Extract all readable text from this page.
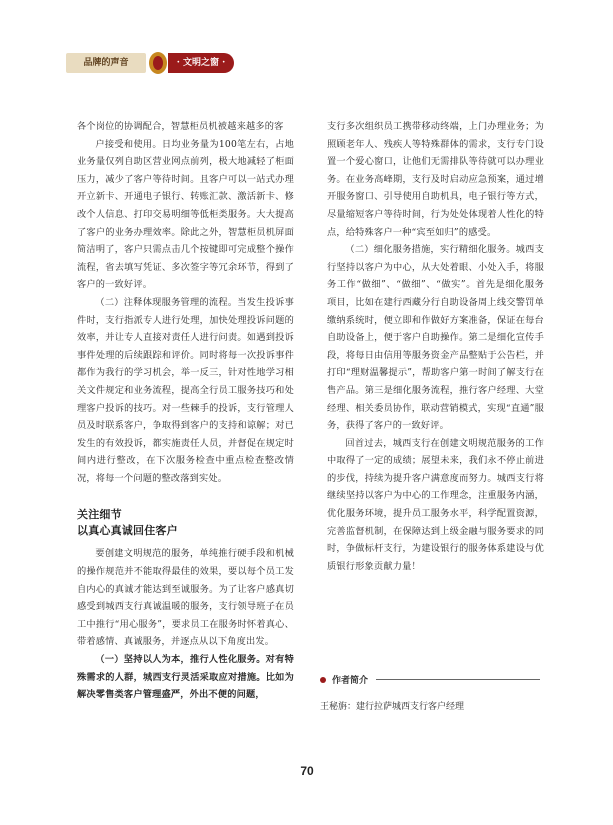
品牌的声音	· 文明之窗 ·

各个岗位的协调配合，智慧柜员机被越来越多的客

户接受和使用。日均业务量为100笔左右，占地业务量仅列自助区营业网点前列，极大地减轻了柜面压力，减少了客户等待时间。且客户可以一站式办理开立新卡、开通电子银行、转账汇款、激活新卡、修改个人信息、打印交易明细等低柜类服务。大大提高了客户的业务办理效率。除此之外，智慧柜员机屏面简洁明了，客户只需点击几个按键即可完成整个操作流程，省去填写凭证、多次签字等冗余环节，得到了客户的一致好评。

（二）注释体现服务管理的流程。当发生投诉事件时，支行指派专人进行处理，加快处理投诉问题的效率，并让专人直接对责任人进行问责。如遇到投诉事件处理的后续跟踪和评价。同时将每一次投诉事件都作为我行的学习机会，举一反三，针对性地学习相关文件规定和业务流程，提高全行员工服务技巧和处理客户投诉的技巧。对一些棘手的投诉，支行管理人员及时联系客户，争取得到客户的支持和谅解；对已发生的有效投诉，都实施责任人员，并督促在规定时间内进行整改，在下次服务检查中重点检查整改情况，将每一个问题的整改落到实处。

关注细节
以真心真诚回住客户

要创建文明规范的服务，单纯推行硬手段和机械的操作规范并不能取得最佳的效果，要以每个员工发自内心的真诚才能达到至诚服务。为了让客户感真切感受到城西支行真诚温暖的服务，支行领导班子在员工中推行“用心服务”，要求员工在服务时怀着真心、带着感情、真诚服务，并逐点从以下角度出发。

（一）坚持以人为本，推行人性化服务。对有特殊需求的人群，城西支行灵活采取应对措施。比如为解决零售类客户管理盛严，外出不便的问题，

支行多次组织员工携带移动终端，上门办理业务；为照顾老年人、残疾人等特殊群体的需求，支行专门设置一个爱心窗口，让他们无需排队等待就可以办理业务。在业务高峰期，支行及时启动应急预案，通过增开服务窗口、引导使用自助机具，电子银行等方式，尽量缩短客户等待时间，行为处处体现着人性化的特点，给特殊客户一种“宾至如归”的感受。

（二）细化服务措施，实行精细化服务。城西支行坚持以客户为中心，从大处着眼、小处入手，将服务工作“做细”、“做细”、“做实”。首先是细化服务项目，比如在建行西藏分行自助设备周上线交警罚单缴纳系统时，便立即和作做好方案准备，保证在每台自助设备上，便于客户自助操作。第二是细化宣传手段，将每日由信用等服务资金产品整贴于公告栏，并打印“理财温馨提示”，帮助客户第一时间了解支行在售产品。第三是细化服务流程，推行客户经理、大堂经理、相关委员协作，联动营销模式，实现“直通”服务，获得了客户的一致好评。

回首过去，城西支行在创建文明规范服务的工作中取得了一定的成绩；展望未来，我们永不停止前进的步伐，持续为提升客户满意度而努力。城西支行将继续坚持以客户为中心的工作理念，注重服务内涵，优化服务环境，提升员工服务水平，科学配置资源，完善监督机制，在保障达到上级金融与服务要求的同时，争做标杆支行，为建设银行的服务体系建设与优质银行形象贡献力量！

作者简介
王秘旃：建行拉萨城西支行客户经理
70
